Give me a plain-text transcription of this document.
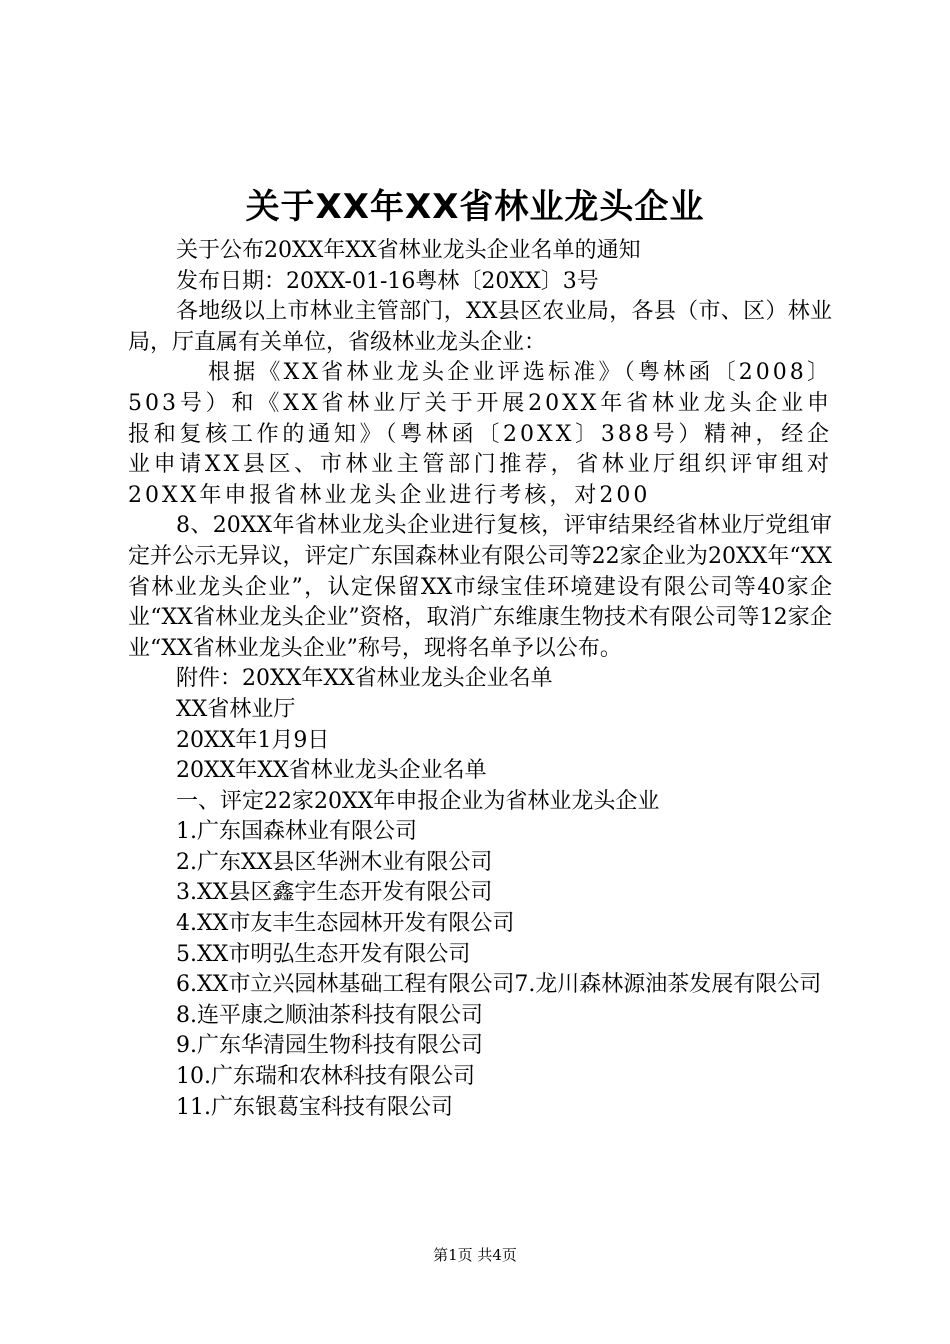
关于XX年XX省林业龙头企业

关于公布20XX年XX省林业龙头企业名单的通知

发布日期：20XX-01-16粤林〔20XX〕3号

各地级以上市林业主管部门，XX县区农业局，各县（市、区）林业局，厅直属有关单位，省级林业龙头企业：

根据《XX省林业龙头企业评选标准》（粤林函〔2008〕503号）和《XX省林业厅关于开展20XX年省林业龙头企业申报和复核工作的通知》（粤林函〔20XX〕388号）精神，经企业申请XX县区、市林业主管部门推荐，省林业厅组织评审组对20XX年申报省林业龙头企业进行考核，对200

8、20XX年省林业龙头企业进行复核，评审结果经省林业厅党组审定并公示无异议，评定广东国森林业有限公司等22家企业为20XX年“XX省林业龙头企业”，认定保留XX市绿宝佳环境建设有限公司等40家企业“XX省林业龙头企业”资格，取消广东维康生物技术有限公司等12家企业“XX省林业龙头企业”称号，现将名单予以公布。

附件：20XX年XX省林业龙头企业名单

XX省林业厅

20XX年1月9日

20XX年XX省林业龙头企业名单

一、评定22家20XX年申报企业为省林业龙头企业

1.广东国森林业有限公司

2.广东XX县区华洲木业有限公司

3.XX县区鑫宇生态开发有限公司

4.XX市友丰生态园林开发有限公司

5.XX市明弘生态开发有限公司

6.XX市立兴园林基础工程有限公司7.龙川森林源油茶发展有限公司

8.连平康之顺油茶科技有限公司

9.广东华清园生物科技有限公司

10.广东瑞和农林科技有限公司

11.广东银葛宝科技有限公司

第1页 共4页
